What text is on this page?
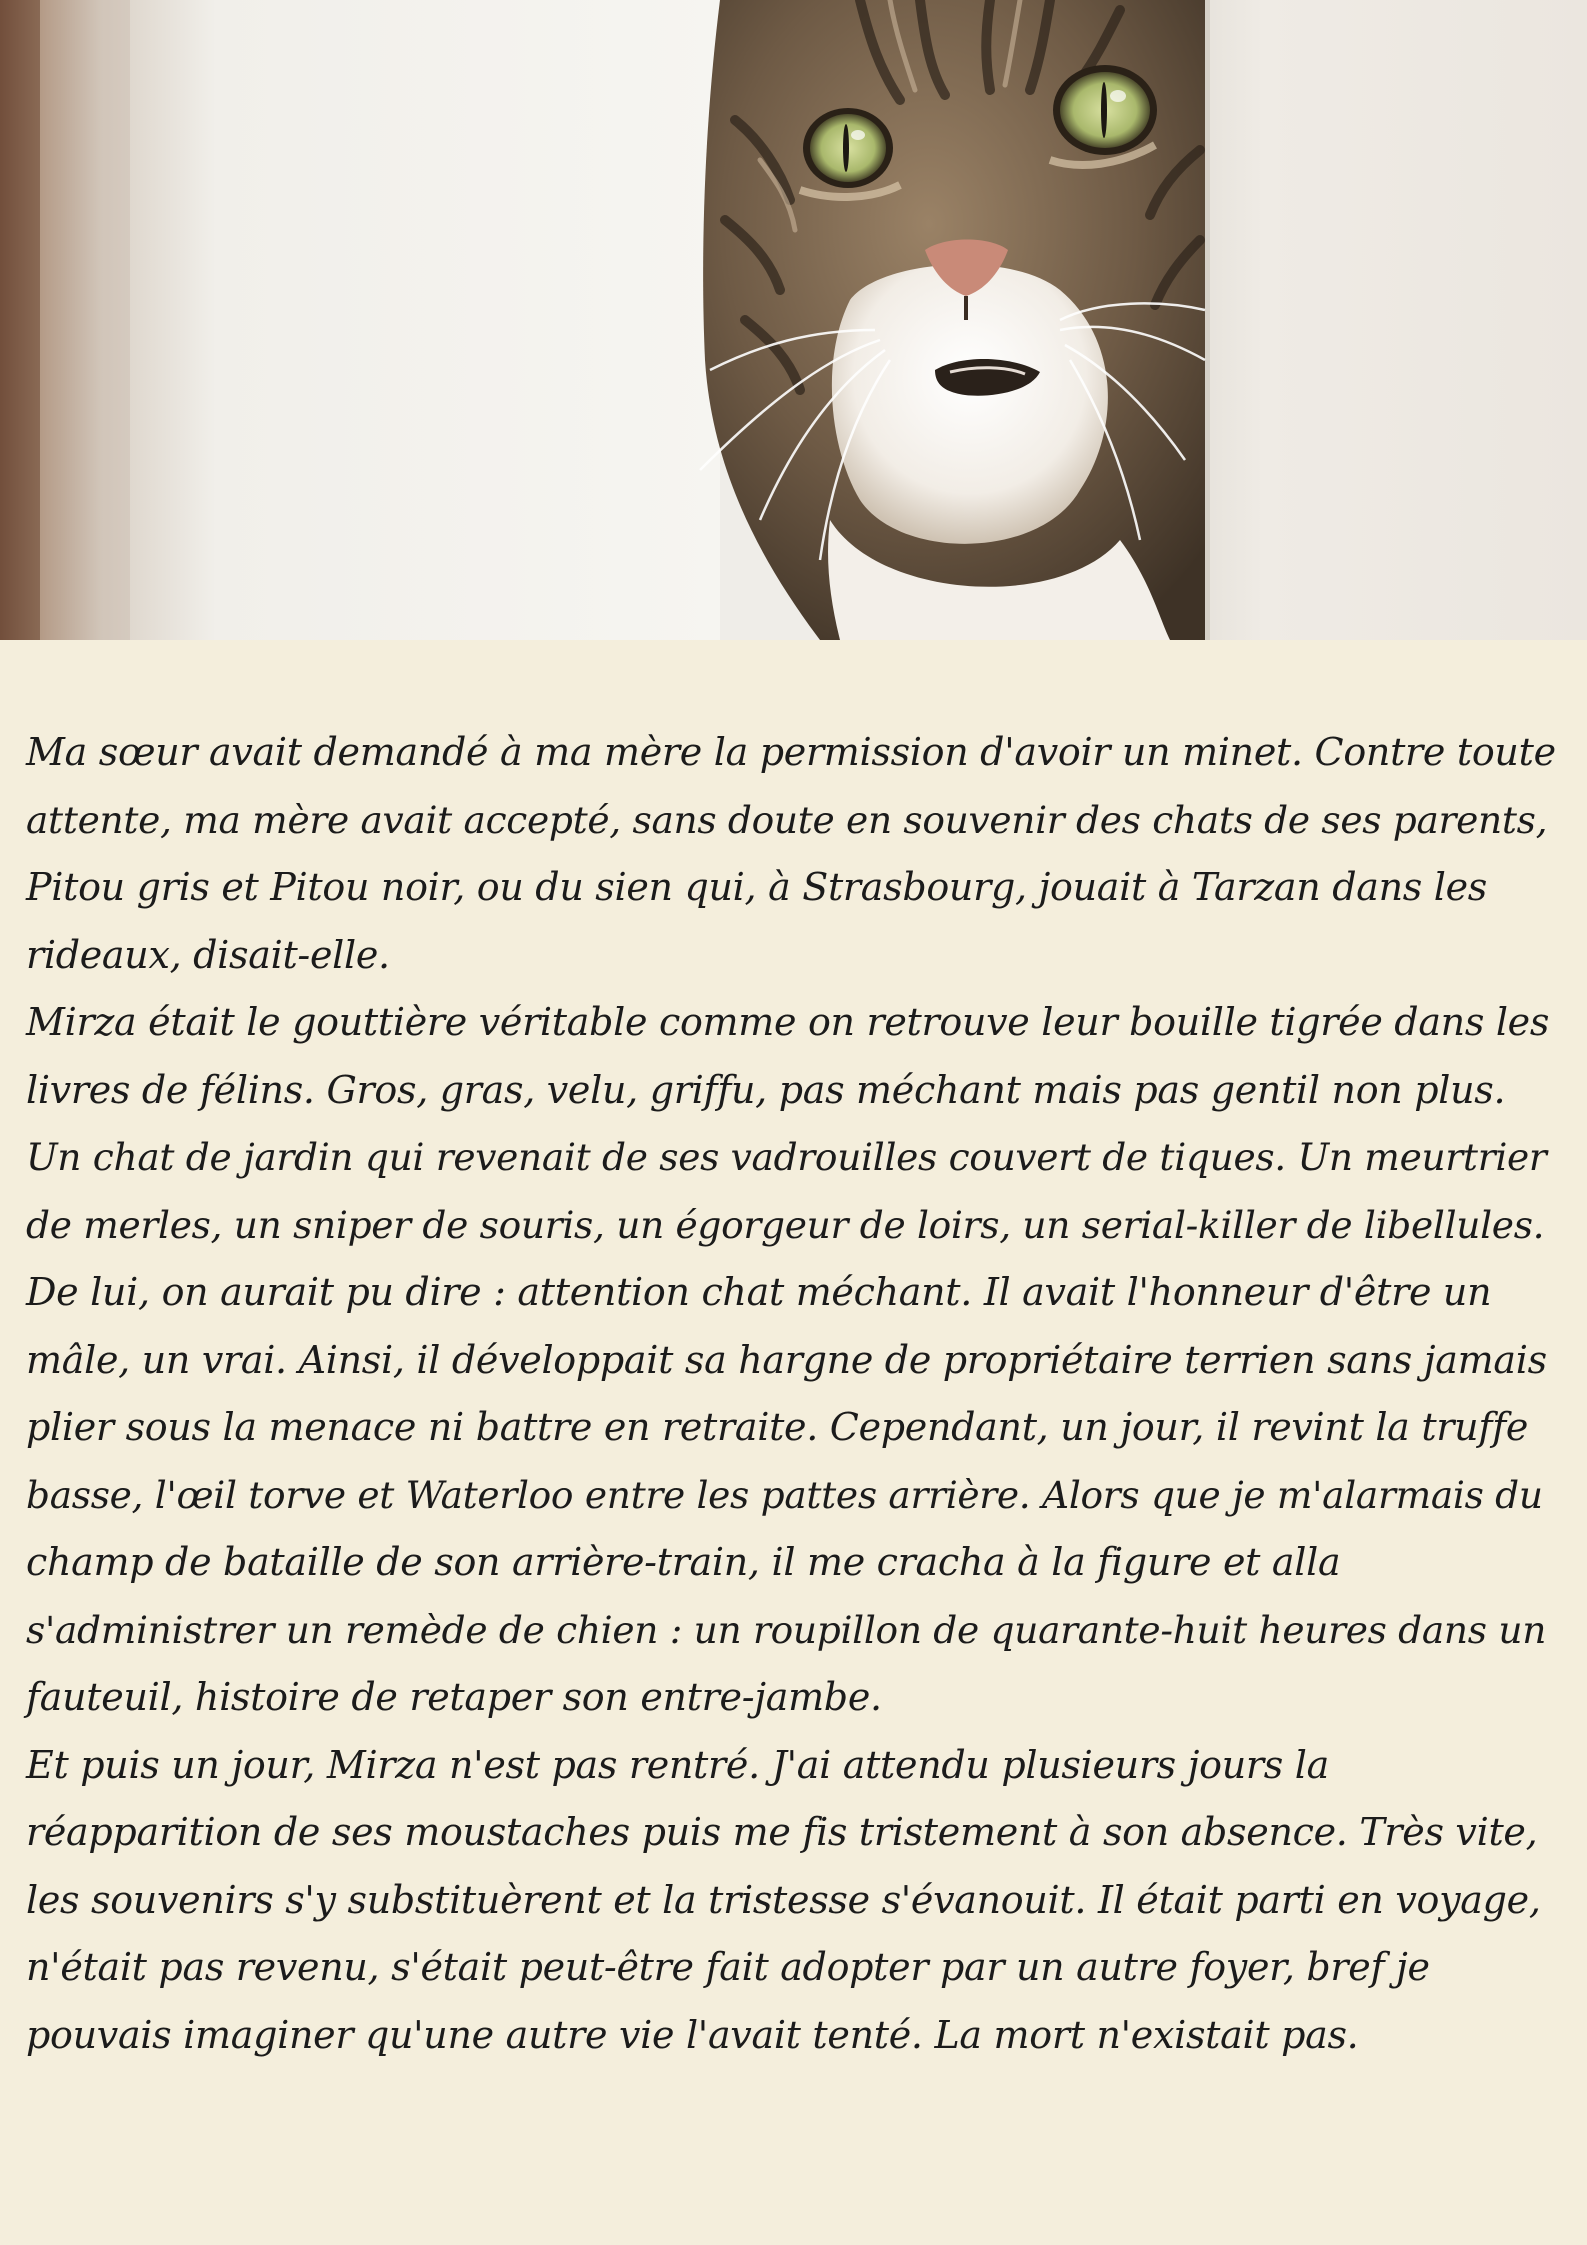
Ma sœur avait demandé à ma mère la permission d'avoir un minet. Contre toute
attente, ma mère avait accepté, sans doute en souvenir des chats de ses parents,
Pitou gris et Pitou noir, ou du sien qui, à Strasbourg, jouait à Tarzan dans les
rideaux, disait-elle.
Mirza était le gouttière véritable comme on retrouve leur bouille tigrée dans les
livres de félins. Gros, gras, velu, griffu, pas méchant mais pas gentil non plus.
Un chat de jardin qui revenait de ses vadrouilles couvert de tiques. Un meurtrier
de merles, un sniper de souris, un égorgeur de loirs, un serial-killer de libellules.
De lui, on aurait pu dire : attention chat méchant. Il avait l'honneur d'être un
mâle, un vrai. Ainsi, il développait sa hargne de propriétaire terrien sans jamais
plier sous la menace ni battre en retraite. Cependant, un jour, il revint la truffe
basse, l'œil torve et Waterloo entre les pattes arrière. Alors que je m'alarmais du
champ de bataille de son arrière-train, il me cracha à la figure et alla
s'administrer un remède de chien : un roupillon de quarante-huit heures dans un
fauteuil, histoire de retaper son entre-jambe.
Et puis un jour, Mirza n'est pas rentré. J'ai attendu plusieurs jours la
réapparition de ses moustaches puis me fis tristement à son absence. Très vite,
les souvenirs s'y substituèrent et la tristesse s'évanouit. Il était parti en voyage,
n'était pas revenu, s'était peut-être fait adopter par un autre foyer, bref je
pouvais imaginer qu'une autre vie l'avait tenté. La mort n'existait pas.
